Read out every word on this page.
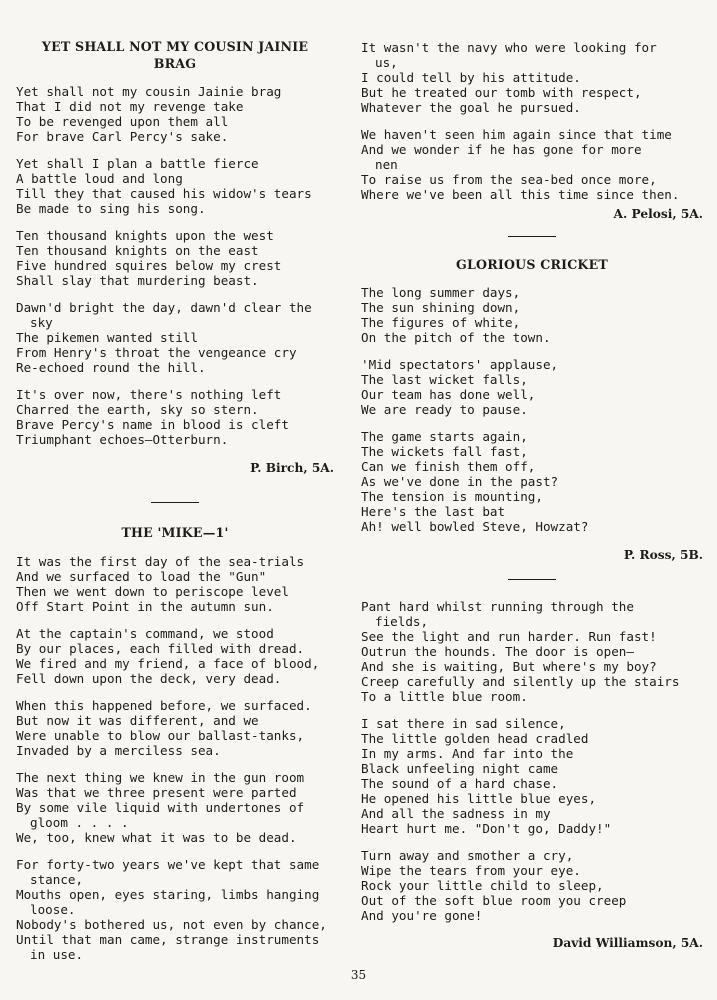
YET SHALL NOT MY COUSIN JAINIE
BRAG
Yet shall not my cousin Jainie brag
That I did not my revenge take
To be revenged upon them all
For brave Carl Percy's sake.
Yet shall I plan a battle fierce
A battle loud and long
Till they that caused his widow's tears
Be made to sing his song.
Ten thousand knights upon the west
Ten thousand knights on the east
Five hundred squires below my crest
Shall slay that murdering beast.
Dawn'd bright the day, dawn'd clear the
sky
The pikemen wanted still
From Henry's throat the vengeance cry
Re-echoed round the hill.
It's over now, there's nothing left
Charred the earth, sky so stern.
Brave Percy's name in blood is cleft
Triumphant echoes—Otterburn.
P. Birch, 5A.
THE 'MIKE—1'
It was the first day of the sea-trials
And we surfaced to load the "Gun"
Then we went down to periscope level
Off Start Point in the autumn sun.
At the captain's command, we stood
By our places, each filled with dread.
We fired and my friend, a face of blood,
Fell down upon the deck, very dead.
When this happened before, we surfaced.
But now it was different, and we
Were unable to blow our ballast-tanks,
Invaded by a merciless sea.
The next thing we knew in the gun room
Was that we three present were parted
By some vile liquid with undertones of
gloom . . . .
We, too, knew what it was to be dead.
For forty-two years we've kept that same
stance,
Mouths open, eyes staring, limbs hanging
loose.
Nobody's bothered us, not even by chance,
Until that man came, strange instruments
in use.
It wasn't the navy who were looking for
us,
I could tell by his attitude.
But he treated our tomb with respect,
Whatever the goal he pursued.
We haven't seen him again since that time
And we wonder if he has gone for more
nen
To raise us from the sea-bed once more,
Where we've been all this time since then.
A. Pelosi, 5A.
GLORIOUS CRICKET
The long summer days,
The sun shining down,
The figures of white,
On the pitch of the town.
'Mid spectators' applause,
The last wicket falls,
Our team has done well,
We are ready to pause.
The game starts again,
The wickets fall fast,
Can we finish them off,
As we've done in the past?
The tension is mounting,
Here's the last bat
Ah! well bowled Steve, Howzat?
P. Ross, 5B.
Pant hard whilst running through the
fields,
See the light and run harder. Run fast!
Outrun the hounds. The door is open—
And she is waiting, But where's my boy?
Creep carefully and silently up the stairs
To a little blue room.
I sat there in sad silence,
The little golden head cradled
In my arms. And far into the
Black unfeeling night came
The sound of a hard chase.
He opened his little blue eyes,
And all the sadness in my
Heart hurt me. "Don't go, Daddy!"
Turn away and smother a cry,
Wipe the tears from your eye.
Rock your little child to sleep,
Out of the soft blue room you creep
And you're gone!
David Williamson, 5A.
35
